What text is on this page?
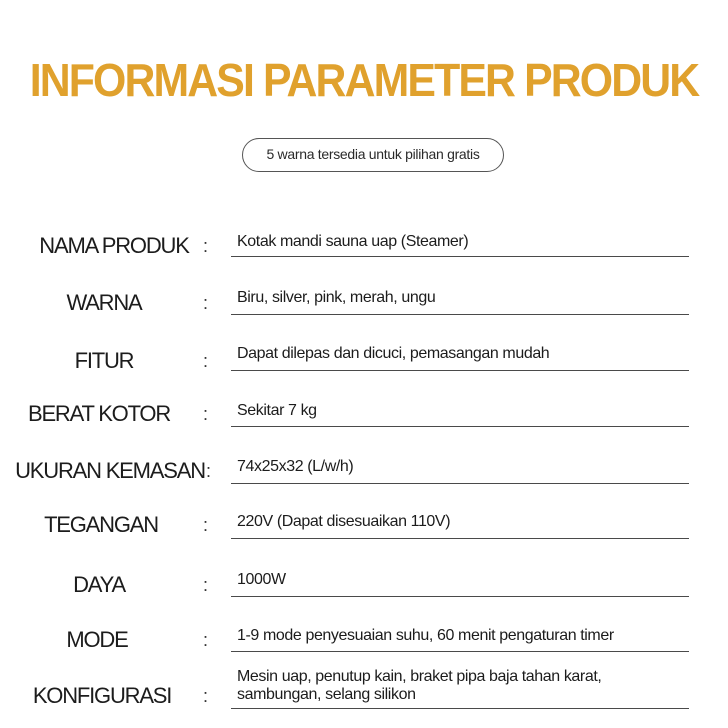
INFORMASI PARAMETER PRODUK
5 warna tersedia untuk pilihan gratis
NAMA PRODUK : Kotak mandi sauna uap (Steamer)
WARNA	: Biru, silver, pink, merah, ungu
FITUR	: Dapat dilepas dan dicuci, pemasangan mudah
BERAT KOTOR	: Sekitar 7 kg
UKURAN KEMASAN : 74x25x32 (L/w/h)
TEGANGAN	: 220V (Dapat disesuaikan 110V)
DAYA	: 1000W
MODE	: 1-9 mode penyesuaian suhu, 60 menit pengaturan timer
KONFIGURASI	:
Mesin uap, penutup kain, braket pipa baja tahan karat,
sambungan, selang silikon
